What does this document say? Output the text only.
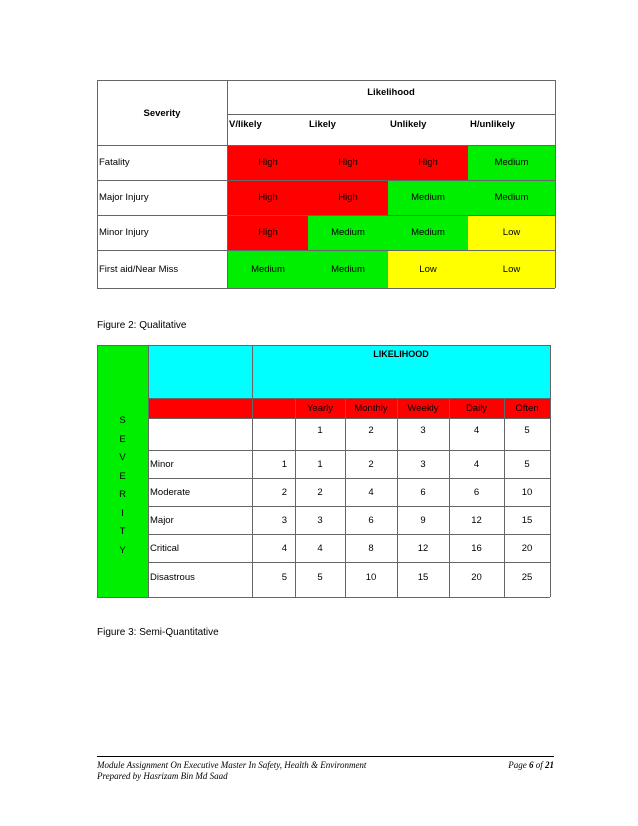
Severity
Likelihood
V/likely	Likely	Unlikely	H/unlikely
Fatality	High	High	High	Medium
Major Injury	High	High	Medium	Medium
Minor Injury	High	Medium	Medium	Low
First aid/Near Miss	Medium	Medium	Low	Low
Figure 2: Qualitative
S
E
V
E
R
I
T
Y
LIKELIHOOD
Yearly	Monthly	Weekly	Daily	Often
1	2	3	4	5
Minor	1	1	2	3	4	5
Moderate	2	2	4	6	6	10
Major	3	3	6	9	12	15
Critical	4	4	8	12	16	20
Disastrous	5	5	10	15	20	25
Figure 3: Semi-Quantitative
Module Assignment On Executive Master In Safety, Health & Environment
Prepared by Hasrizam Bin Md Saad
Page 6 of 21
